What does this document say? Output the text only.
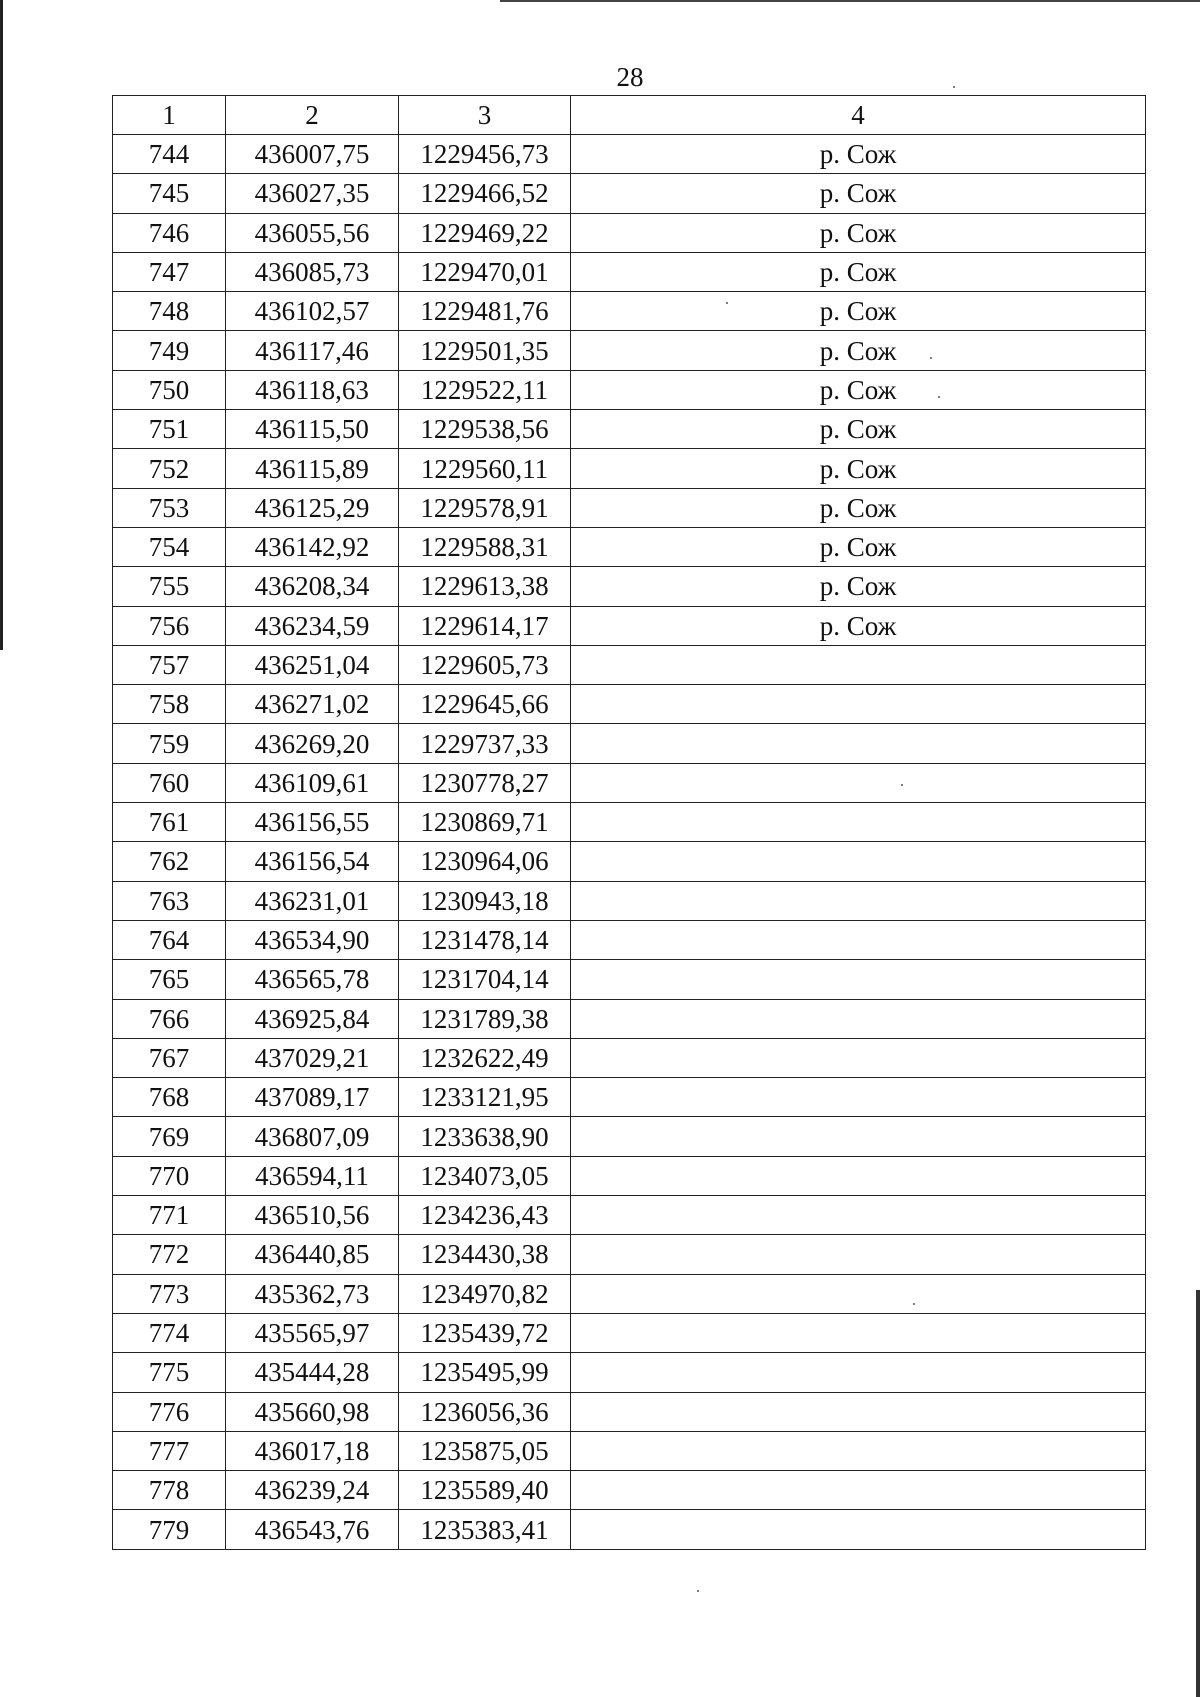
28
1	2	3	4
744	436007,75	1229456,73	р. Сож
745	436027,35	1229466,52	р. Сож
746	436055,56	1229469,22	р. Сож
747	436085,73	1229470,01	р. Сож
748	436102,57	1229481,76	р. Сож
749	436117,46	1229501,35	р. Сож
750	436118,63	1229522,11	р. Сож
751	436115,50	1229538,56	р. Сож
752	436115,89	1229560,11	р. Сож
753	436125,29	1229578,91	р. Сож
754	436142,92	1229588,31	р. Сож
755	436208,34	1229613,38	р. Сож
756	436234,59	1229614,17	р. Сож
757	436251,04	1229605,73	
758	436271,02	1229645,66	
759	436269,20	1229737,33	
760	436109,61	1230778,27	
761	436156,55	1230869,71	
762	436156,54	1230964,06	
763	436231,01	1230943,18	
764	436534,90	1231478,14	
765	436565,78	1231704,14	
766	436925,84	1231789,38	
767	437029,21	1232622,49	
768	437089,17	1233121,95	
769	436807,09	1233638,90	
770	436594,11	1234073,05	
771	436510,56	1234236,43	
772	436440,85	1234430,38	
773	435362,73	1234970,82	
774	435565,97	1235439,72	
775	435444,28	1235495,99	
776	435660,98	1236056,36	
777	436017,18	1235875,05	
778	436239,24	1235589,40	
779	436543,76	1235383,41	
